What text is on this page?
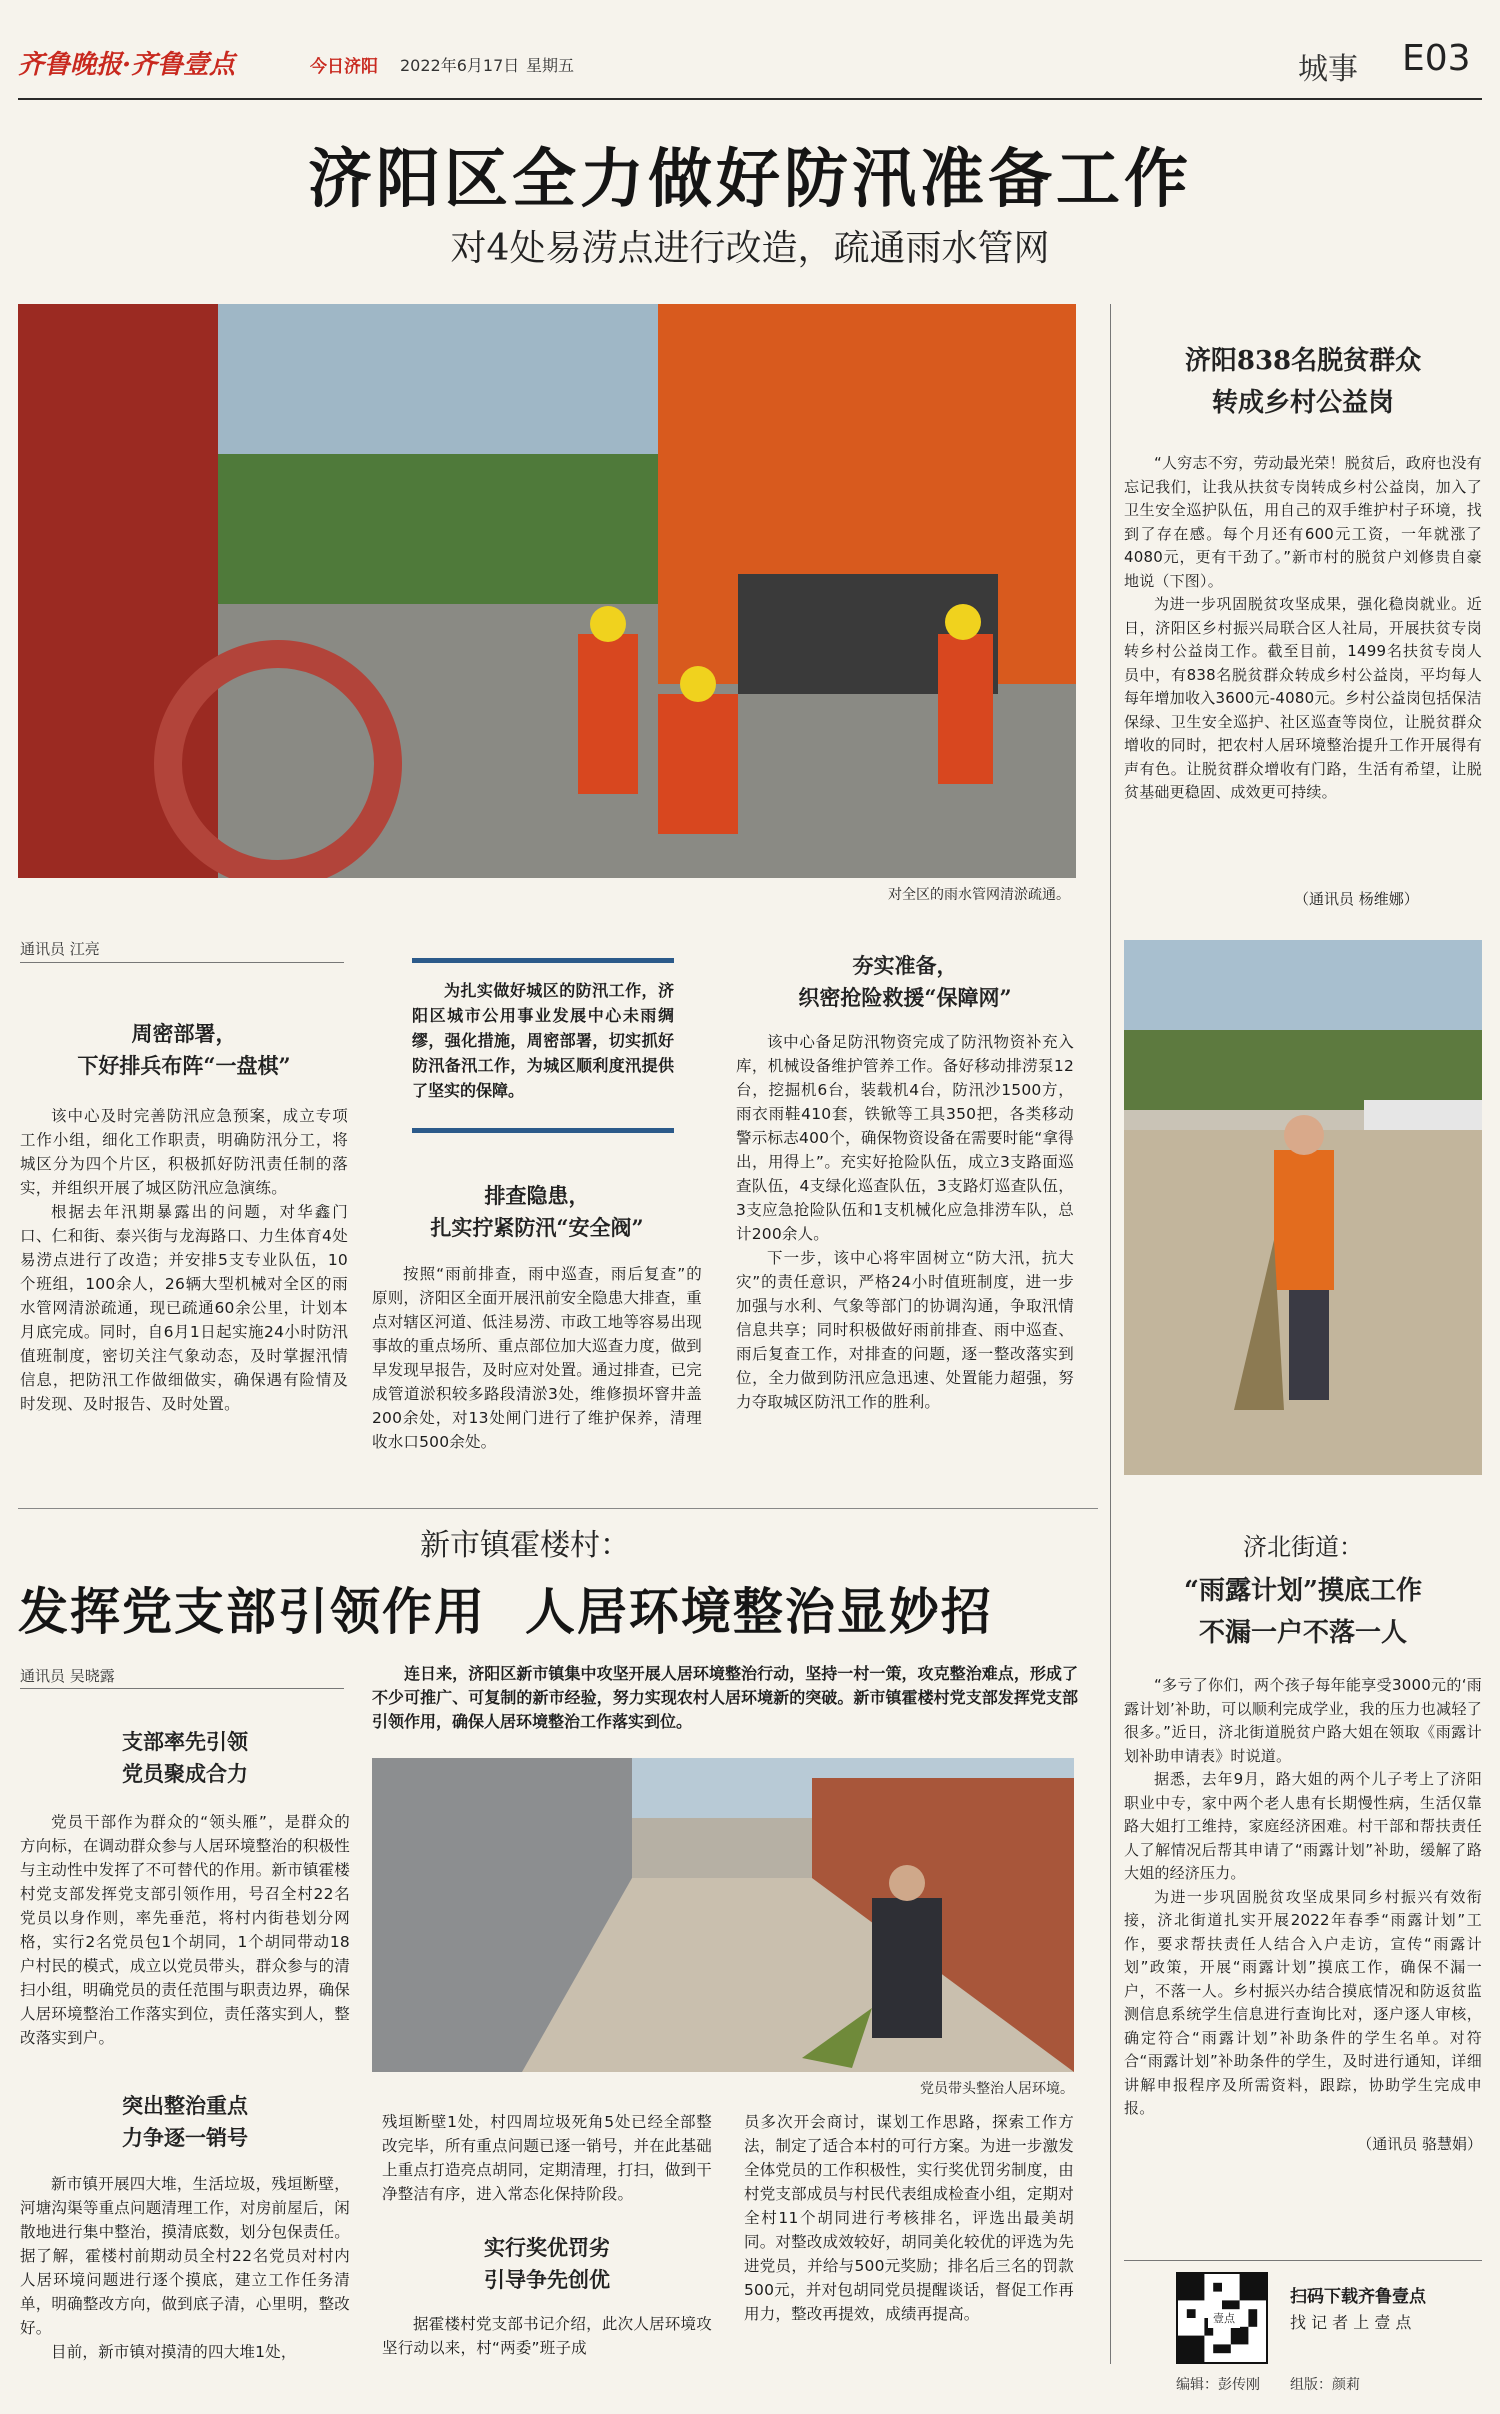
齐鲁晚报·齐鲁壹点	今日济阳 2022年6月17日 星期五	城事 E03
济阳区全力做好防汛准备工作
对4处易涝点进行改造，疏通雨水管网
对全区的雨水管网清淤疏通。
通讯员 江亮
为扎实做好城区的防汛工作，济阳区城市公用事业发展中心未雨绸缪，强化措施，周密部署，切实抓好防汛备汛工作，为城区顺利度汛提供了坚实的保障。
周密部署，
下好排兵布阵“一盘棋”

该中心及时完善防汛应急预案，成立专项工作小组，细化工作职责，明确防汛分工，将城区分为四个片区，积极抓好防汛责任制的落实，并组织开展了城区防汛应急演练。

根据去年汛期暴露出的问题，对华鑫门口、仁和街、泰兴街与龙海路口、力生体育4处易涝点进行了改造；并安排5支专业队伍，10个班组，100余人，26辆大型机械对全区的雨水管网清淤疏通，现已疏通60余公里，计划本月底完成。同时，自6月1日起实施24小时防汛值班制度，密切关注气象动态，及时掌握汛情信息，把防汛工作做细做实，确保遇有险情及时发现、及时报告、及时处置。

排查隐患，
扎实拧紧防汛“安全阀”

按照“雨前排查，雨中巡查，雨后复查”的原则，济阳区全面开展汛前安全隐患大排查，重点对辖区河道、低洼易涝、市政工地等容易出现事故的重点场所、重点部位加大巡查力度，做到早发现早报告，及时应对处置。通过排查，已完成管道淤积较多路段清淤3处，维修损坏窨井盖200余处，对13处闸门进行了维护保养，清理收水口500余处。

夯实准备，
织密抢险救援“保障网”

该中心备足防汛物资完成了防汛物资补充入库，机械设备维护管养工作。备好移动排涝泵12台，挖掘机6台，装载机4台，防汛沙1500方，雨衣雨鞋410套，铁锨等工具350把，各类移动警示标志400个，确保物资设备在需要时能“拿得出，用得上”。充实好抢险队伍，成立3支路面巡查队伍，4支绿化巡查队伍，3支路灯巡查队伍，3支应急抢险队伍和1支机械化应急排涝车队，总计200余人。

下一步，该中心将牢固树立“防大汛，抗大灾”的责任意识，严格24小时值班制度，进一步加强与水利、气象等部门的协调沟通，争取汛情信息共享；同时积极做好雨前排查、雨中巡查、雨后复查工作，对排查的问题，逐一整改落实到位，全力做到防汛应急迅速、处置能力超强，努力夺取城区防汛工作的胜利。

济阳838名脱贫群众
转成乡村公益岗

“人穷志不穷，劳动最光荣！脱贫后，政府也没有忘记我们，让我从扶贫专岗转成乡村公益岗，加入了卫生安全巡护队伍，用自己的双手维护村子环境，找到了存在感。每个月还有600元工资，一年就涨了4080元，更有干劲了。”新市村的脱贫户刘修贵自豪地说（下图）。

为进一步巩固脱贫攻坚成果，强化稳岗就业。近日，济阳区乡村振兴局联合区人社局，开展扶贫专岗转乡村公益岗工作。截至目前，1499名扶贫专岗人员中，有838名脱贫群众转成乡村公益岗，平均每人每年增加收入3600元-4080元。乡村公益岗包括保洁保绿、卫生安全巡护、社区巡查等岗位，让脱贫群众增收的同时，把农村人居环境整治提升工作开展得有声有色。让脱贫群众增收有门路，生活有希望，让脱贫基础更稳固、成效更可持续。

（通讯员 杨维娜）
新市镇霍楼村：
发挥党支部引领作用  人居环境整治显妙招
通讯员 吴晓露	连日来，济阳区新市镇集中攻坚开展人居环境整治行动，坚持一村一策，攻克整治难点，形成了不少可推广、可复制的新市经验，努力实现农村人居环境新的突破。新市镇霍楼村党支部发挥党支部引领作用，确保人居环境整治工作落实到位。
党员带头整治人居环境。
支部率先引领
党员聚成合力

党员干部作为群众的“领头雁”，是群众的方向标，在调动群众参与人居环境整治的积极性与主动性中发挥了不可替代的作用。新市镇霍楼村党支部发挥党支部引领作用，号召全村22名党员以身作则，率先垂范，将村内街巷划分网格，实行2名党员包1个胡同，1个胡同带动18户村民的模式，成立以党员带头，群众参与的清扫小组，明确党员的责任范围与职责边界，确保人居环境整治工作落实到位，责任落实到人，整改落实到户。

突出整治重点
力争逐一销号

新市镇开展四大堆，生活垃圾，残垣断壁，河塘沟渠等重点问题清理工作，对房前屋后，闲散地进行集中整治，摸清底数，划分包保责任。据了解，霍楼村前期动员全村22名党员对村内人居环境问题进行逐个摸底，建立工作任务清单，明确整改方向，做到底子清，心里明，整改好。

目前，新市镇对摸清的四大堆1处，

残垣断壁1处，村四周垃圾死角5处已经全部整改完毕，所有重点问题已逐一销号，并在此基础上重点打造亮点胡同，定期清理，打扫，做到干净整洁有序，进入常态化保持阶段。
实行奖优罚劣
引导争先创优

据霍楼村党支部书记介绍，此次人居环境攻坚行动以来，村“两委”班子成

员多次开会商讨，谋划工作思路，探索工作方法，制定了适合本村的可行方案。为进一步激发全体党员的工作积极性，实行奖优罚劣制度，由村党支部成员与村民代表组成检查小组，定期对全村11个胡同进行考核排名，评选出最美胡同。对整改成效较好，胡同美化较优的评选为先进党员，并给与500元奖励；排名后三名的罚款500元，并对包胡同党员提醒谈话，督促工作再用力，整改再提效，成绩再提高。
济北街道：
“雨露计划”摸底工作
不漏一户不落一人

“多亏了你们，两个孩子每年能享受3000元的‘雨露计划’补助，可以顺利完成学业，我的压力也减轻了很多。”近日，济北街道脱贫户路大姐在领取《雨露计划补助申请表》时说道。

据悉，去年9月，路大姐的两个儿子考上了济阳职业中专，家中两个老人患有长期慢性病，生活仅靠路大姐打工维持，家庭经济困难。村干部和帮扶责任人了解情况后帮其申请了“雨露计划”补助，缓解了路大姐的经济压力。

为进一步巩固脱贫攻坚成果同乡村振兴有效衔接，济北街道扎实开展2022年春季“雨露计划”工作，要求帮扶责任人结合入户走访，宣传“雨露计划”政策，开展“雨露计划”摸底工作，确保不漏一户，不落一人。乡村振兴办结合摸底情况和防返贫监测信息系统学生信息进行查询比对，逐户逐人审核，确定符合“雨露计划”补助条件的学生名单。对符合“雨露计划”补助条件的学生，及时进行通知，详细讲解申报程序及所需资料，跟踪，协助学生完成申报。

（通讯员 骆慧娟）
壹点
扫码下载齐鲁壹点
找 记 者 上 壹 点
编辑：彭传刚 组版：颜莉
